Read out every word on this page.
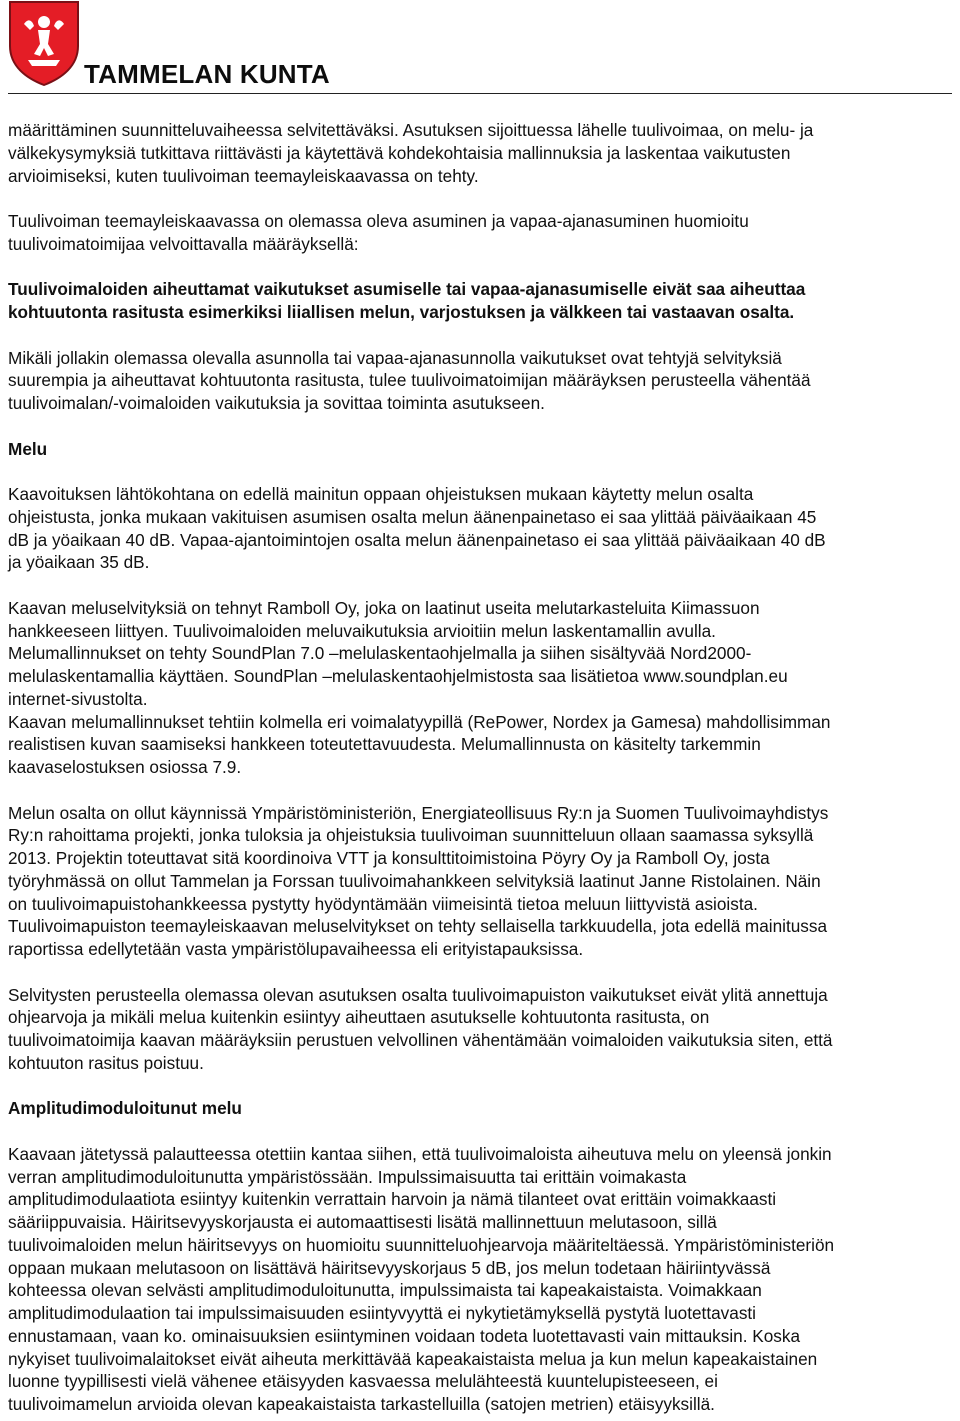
TAMMELAN KUNTA

määrittäminen suunnitteluvaiheessa selvitettäväksi. Asutuksen sijoittuessa lähelle tuulivoimaa, on melu- ja
välkekysymyksiä tutkittava riittävästi ja käytettävä kohdekohtaisia mallinnuksia ja laskentaa vaikutusten
arvioimiseksi, kuten tuulivoiman teemayleiskaavassa on tehty.

Tuulivoiman teemayleiskaavassa on olemassa oleva asuminen ja vapaa-ajanasuminen huomioitu
tuulivoimatoimijaa velvoittavalla määräyksellä:

Tuulivoimaloiden aiheuttamat vaikutukset asumiselle tai vapaa-ajanasumiselle eivät saa aiheuttaa
kohtuutonta rasitusta esimerkiksi liiallisen melun, varjostuksen ja välkkeen tai vastaavan osalta.

Mikäli jollakin olemassa olevalla asunnolla tai vapaa-ajanasunnolla vaikutukset ovat tehtyjä selvityksiä
suurempia ja aiheuttavat kohtuutonta rasitusta, tulee tuulivoimatoimijan määräyksen perusteella vähentää
tuulivoimalan/-voimaloiden vaikutuksia ja sovittaa toiminta asutukseen.

Melu

Kaavoituksen lähtökohtana on edellä mainitun oppaan ohjeistuksen mukaan käytetty melun osalta
ohjeistusta, jonka mukaan vakituisen asumisen osalta melun äänenpainetaso ei saa ylittää päiväaikaan 45
dB ja yöaikaan 40 dB. Vapaa-ajantoimintojen osalta melun äänenpainetaso ei saa ylittää päiväaikaan 40 dB
ja yöaikaan 35 dB.

Kaavan meluselvityksiä on tehnyt Ramboll Oy, joka on laatinut useita melutarkasteluita Kiimassuon
hankkeeseen liittyen. Tuulivoimaloiden meluvaikutuksia arvioitiin melun laskentamallin avulla.
Melumallinnukset on tehty SoundPlan 7.0 –melulaskentaohjelmalla ja siihen sisältyvää Nord2000-
melulaskentamallia käyttäen. SoundPlan –melulaskentaohjelmistosta saa lisätietoa www.soundplan.eu
internet-sivustolta.
Kaavan melumallinnukset tehtiin kolmella eri voimalatyypillä (RePower, Nordex ja Gamesa) mahdollisimman
realistisen kuvan saamiseksi hankkeen toteutettavuudesta. Melumallinnusta on käsitelty tarkemmin
kaavaselostuksen osiossa 7.9.

Melun osalta on ollut käynnissä Ympäristöministeriön, Energiateollisuus Ry:n ja Suomen Tuulivoimayhdistys
Ry:n rahoittama projekti, jonka tuloksia ja ohjeistuksia tuulivoiman suunnitteluun ollaan saamassa syksyllä
2013. Projektin toteuttavat sitä koordinoiva VTT ja konsulttitoimistoina Pöyry Oy ja Ramboll Oy, josta
työryhmässä on ollut Tammelan ja Forssan tuulivoimahankkeen selvityksiä laatinut Janne Ristolainen. Näin
on tuulivoimapuistohankkeessa pystytty hyödyntämään viimeisintä tietoa meluun liittyvistä asioista.
Tuulivoimapuiston teemayleiskaavan meluselvitykset on tehty sellaisella tarkkuudella, jota edellä mainitussa
raportissa edellytetään vasta ympäristölupavaiheessa eli erityistapauksissa.

Selvitysten perusteella olemassa olevan asutuksen osalta tuulivoimapuiston vaikutukset eivät ylitä annettuja
ohjearvoja ja mikäli melua kuitenkin esiintyy aiheuttaen asutukselle kohtuutonta rasitusta, on
tuulivoimatoimija kaavan määräyksiin perustuen velvollinen vähentämään voimaloiden vaikutuksia siten, että
kohtuuton rasitus poistuu.

Amplitudimoduloitunut melu

Kaavaan jätetyssä palautteessa otettiin kantaa siihen, että tuulivoimaloista aiheutuva melu on yleensä jonkin
verran amplitudimoduloitunutta ympäristössään. Impulssimaisuutta tai erittäin voimakasta
amplitudimodulaatiota esiintyy kuitenkin verrattain harvoin ja nämä tilanteet ovat erittäin voimakkaasti
sääriippuvaisia. Häiritsevyyskorjausta ei automaattisesti lisätä mallinnettuun melutasoon, sillä
tuulivoimaloiden melun häiritsevyys on huomioitu suunnitteluohjearvoja määriteltäessä. Ympäristöministeriön
oppaan mukaan melutasoon on lisättävä häiritsevyyskorjaus 5 dB, jos melun todetaan häiriintyvässä
kohteessa olevan selvästi amplitudimoduloitunutta, impulssimaista tai kapeakaistaista. Voimakkaan
amplitudimodulaation tai impulssimaisuuden esiintyvyyttä ei nykytietämyksellä pystytä luotettavasti
ennustamaan, vaan ko. ominaisuuksien esiintyminen voidaan todeta luotettavasti vain mittauksin. Koska
nykyiset tuulivoimalaitokset eivät aiheuta merkittävää kapeakaistaista melua ja kun melun kapeakaistainen
luonne tyypillisesti vielä vähenee etäisyyden kasvaessa melulähteestä kuuntelupisteeseen, ei
tuulivoimamelun arvioida olevan kapeakaistaista tarkastelluilla (satojen metrien) etäisyyksillä.
